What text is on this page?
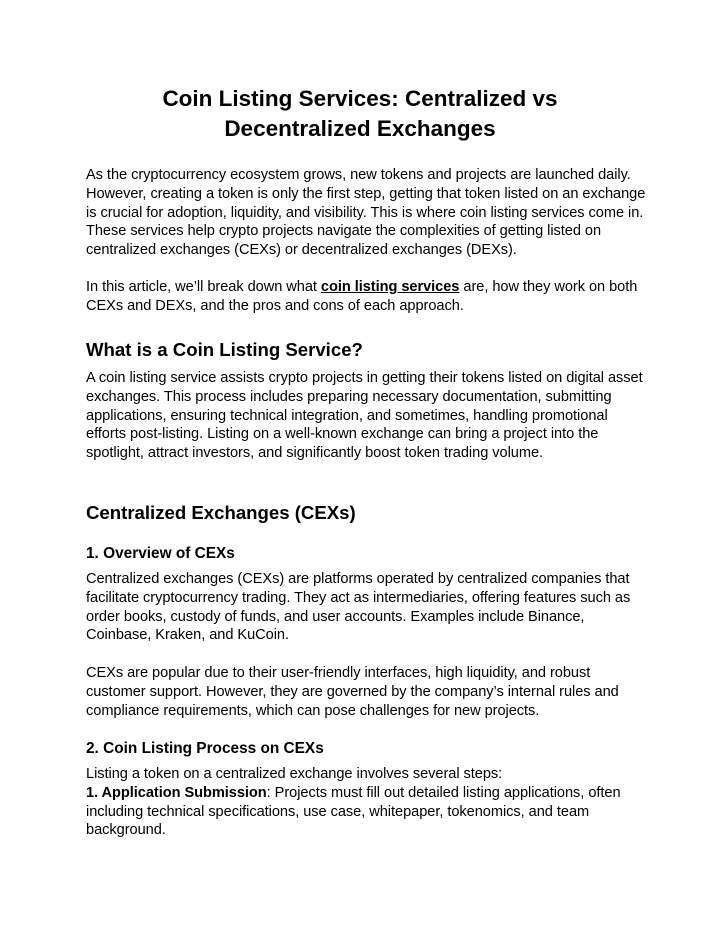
Coin Listing Services: Centralized vs
Decentralized Exchanges

As the cryptocurrency ecosystem grows, new tokens and projects are launched daily. However, creating a token is only the first step, getting that token listed on an exchange is crucial for adoption, liquidity, and visibility. This is where coin listing services come in. These services help crypto projects navigate the complexities of getting listed on centralized exchanges (CEXs) or decentralized exchanges (DEXs).

In this article, we’ll break down what coin listing services are, how they work on both CEXs and DEXs, and the pros and cons of each approach.

What is a Coin Listing Service?

A coin listing service assists crypto projects in getting their tokens listed on digital asset exchanges. This process includes preparing necessary documentation, submitting applications, ensuring technical integration, and sometimes, handling promotional efforts post-listing. Listing on a well-known exchange can bring a project into the spotlight, attract investors, and significantly boost token trading volume.

Centralized Exchanges (CEXs)
1. Overview of CEXs

Centralized exchanges (CEXs) are platforms operated by centralized companies that facilitate cryptocurrency trading. They act as intermediaries, offering features such as order books, custody of funds, and user accounts. Examples include Binance, Coinbase, Kraken, and KuCoin.

CEXs are popular due to their user-friendly interfaces, high liquidity, and robust customer support. However, they are governed by the company’s internal rules and compliance requirements, which can pose challenges for new projects.

2. Coin Listing Process on CEXs

Listing a token on a centralized exchange involves several steps:
1. Application Submission: Projects must fill out detailed listing applications, often including technical specifications, use case, whitepaper, tokenomics, and team background.
